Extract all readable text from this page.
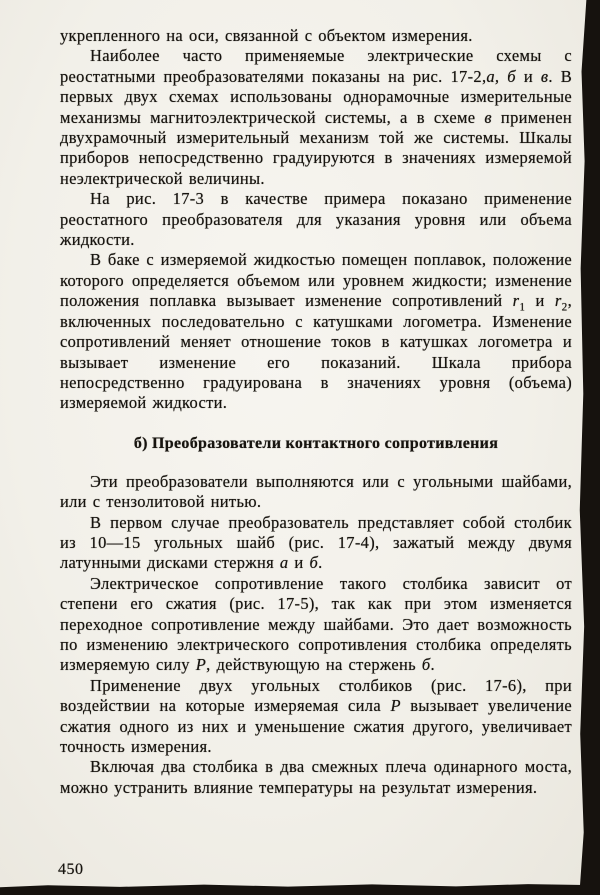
укрепленного на оси, связанной с объектом измерения.

Наиболее часто применяемые электрические схемы с реостатными преобразователями показаны на рис. 17-2,а, б и в. В первых двух схемах использованы однорамочные измерительные механизмы магнитоэлектрической системы, а в схеме в применен двухрамочный измерительный механизм той же системы. Шкалы приборов непосредственно градуируются в значениях измеряемой неэлектрической величины.

На рис. 17-3 в качестве примера показано применение реостатного преобразователя для указания уровня или объема жидкости.

В баке с измеряемой жидкостью помещен поплавок, положение которого определяется объемом или уровнем жидкости; изменение положения поплавка вызывает изменение сопротивлений $r_1$ и $r_2$, включенных последовательно с катушками логометра. Изменение сопротивлений меняет отношение токов в катушках логометра и вызывает изменение его показаний. Шкала прибора непосредственно градуирована в значениях уровня (объема) измеряемой жидкости.

б) Преобразователи контактного сопротивления

Эти преобразователи выполняются или с угольными шайбами, или с тензолитовой нитью.

В первом случае преобразователь представляет собой столбик из 10—15 угольных шайб (рис. 17-4), зажатый между двумя латунными дисками стержня а и б.

Электрическое сопротивление такого столбика зависит от степени его сжатия (рис. 17-5), так как при этом изменяется переходное сопротивление между шайбами. Это дает возможность по изменению электрического сопротивления столбика определять измеряемую силу Р, действующую на стержень б.

Применение двух угольных столбиков (рис. 17-6), при воздействии на которые измеряемая сила Р вызывает увеличение сжатия одного из них и уменьшение сжатия другого, увеличивает точность измерения.

Включая два столбика в два смежных плеча одинарного моста, можно устранить влияние температуры на результат измерения.

450
